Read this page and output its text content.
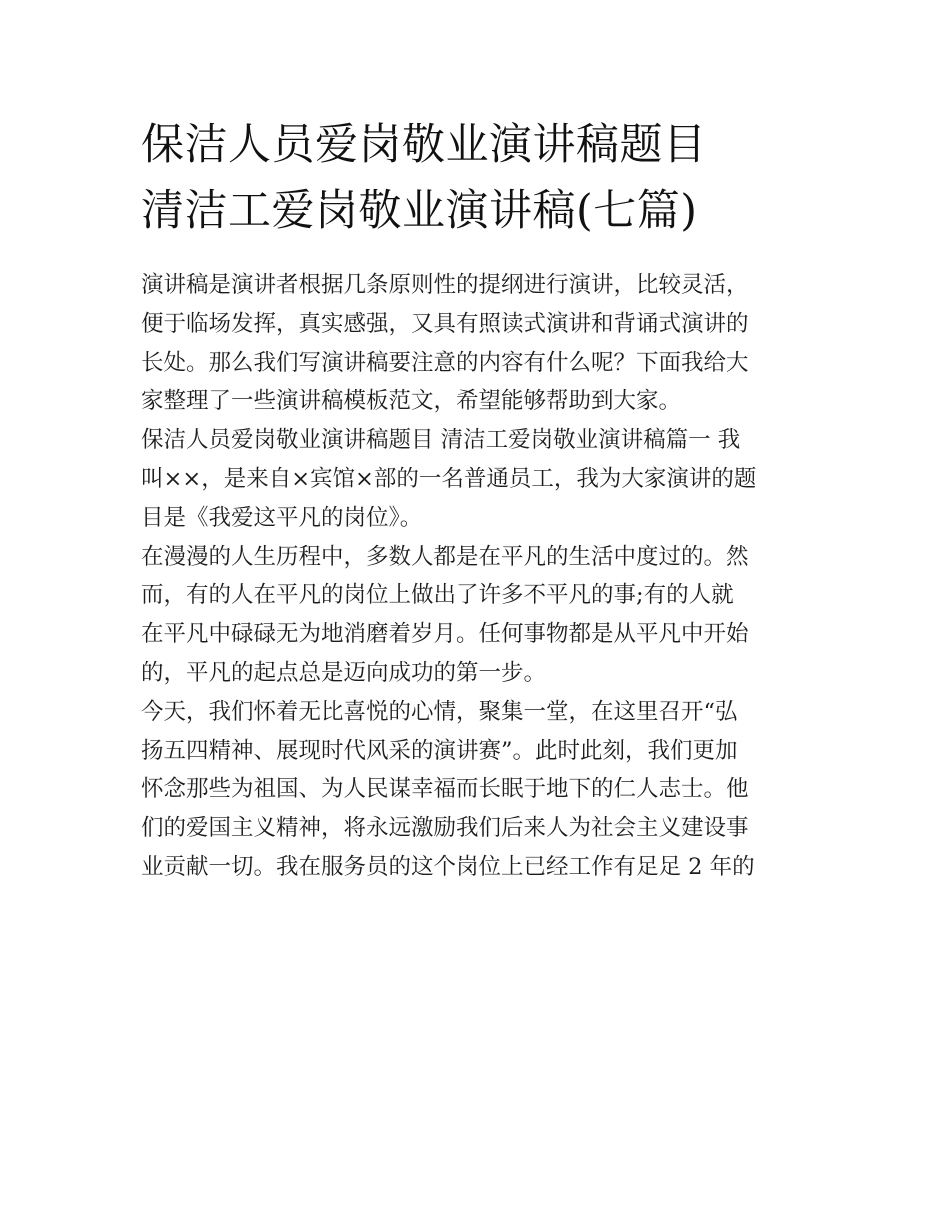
保洁人员爱岗敬业演讲稿题目
清洁工爱岗敬业演讲稿(七篇)

演讲稿是演讲者根据几条原则性的提纲进行演讲，比较灵活，
便于临场发挥，真实感强，又具有照读式演讲和背诵式演讲的
长处。那么我们写演讲稿要注意的内容有什么呢？下面我给大
家整理了一些演讲稿模板范文，希望能够帮助到大家。

保洁人员爱岗敬业演讲稿题目 清洁工爱岗敬业演讲稿篇一 我
叫××，是来自×宾馆×部的一名普通员工，我为大家演讲的题
目是《我爱这平凡的岗位》。

在漫漫的人生历程中，多数人都是在平凡的生活中度过的。然
而，有的人在平凡的岗位上做出了许多不平凡的事;有的人就
在平凡中碌碌无为地消磨着岁月。任何事物都是从平凡中开始
的，平凡的起点总是迈向成功的第一步。

今天，我们怀着无比喜悦的心情，聚集一堂，在这里召开“弘
扬五四精神、展现时代风采的演讲赛”。此时此刻，我们更加
怀念那些为祖国、为人民谋幸福而长眠于地下的仁人志士。他
们的爱国主义精神，将永远激励我们后来人为社会主义建设事
业贡献一切。我在服务员的这个岗位上已经工作有足足 2 年的
